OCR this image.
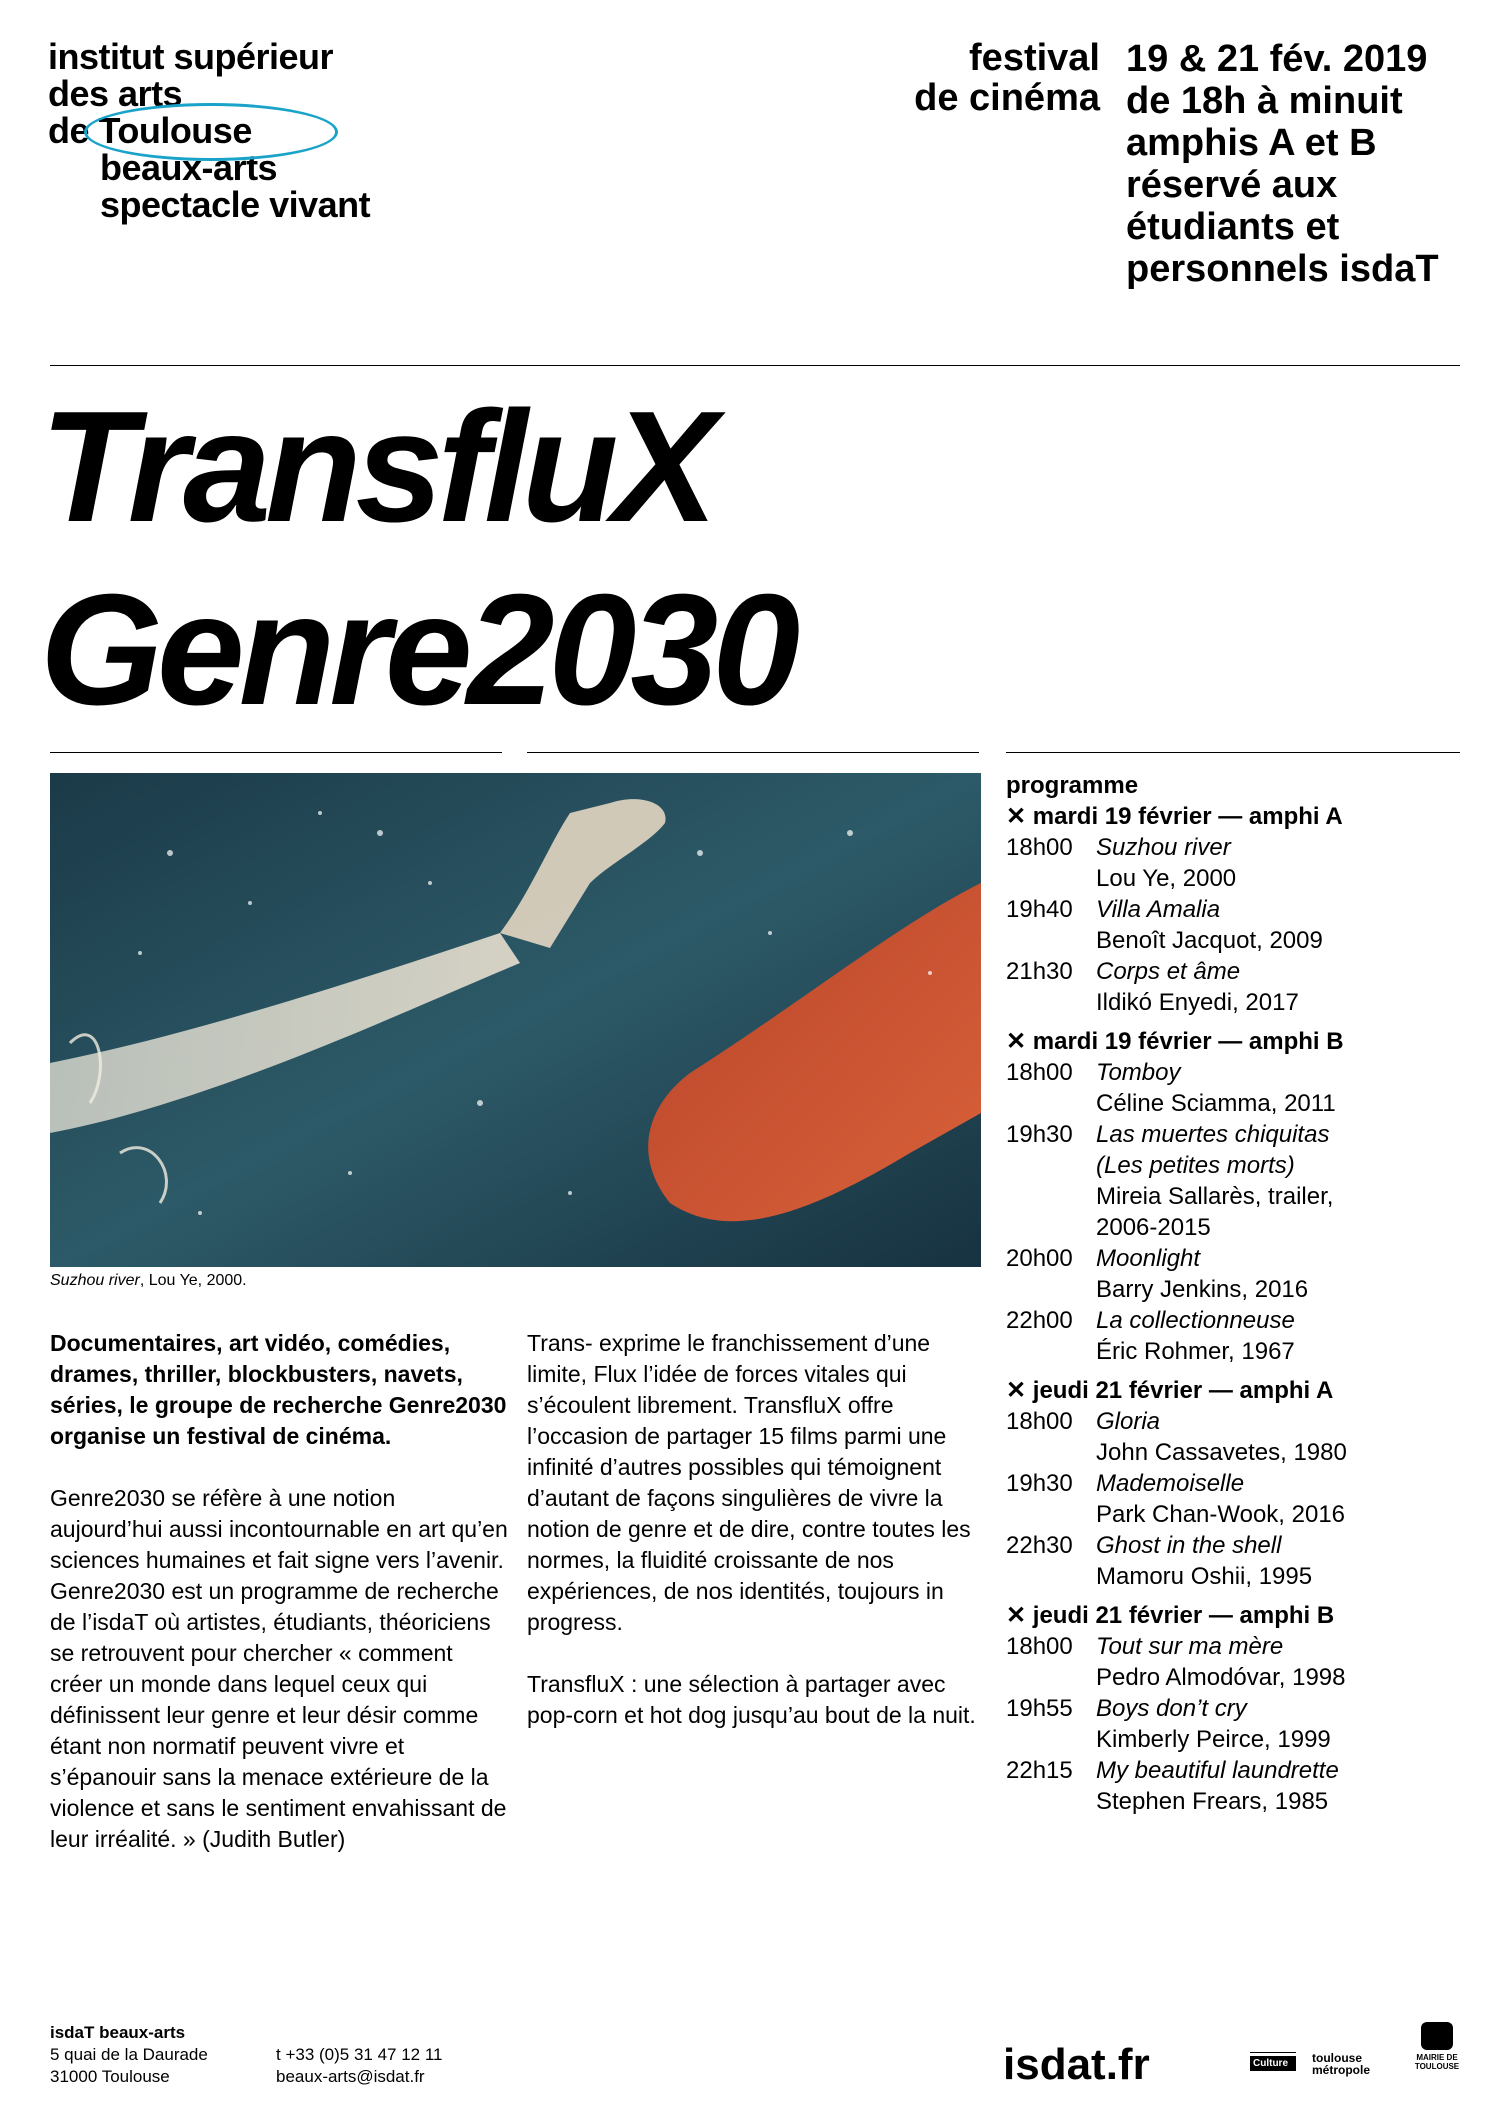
institut supérieur
des arts
de Toulouse
beaux-arts
spectacle vivant
festival
de cinéma
19 & 21 fév. 2019
de 18h à minuit
amphis A et B
réservé aux
étudiants et
personnels isdaT
TransfluX
Genre2030
Suzhou river, Lou Ye, 2000.
Documentaires, art vidéo, comédies, drames, thriller, blockbusters, navets, séries, le groupe de recherche Genre2030 organise un festival de cinéma.
Genre2030 se réfère à une notion aujourd’hui aussi incontournable en art qu’en sciences humaines et fait signe vers l’avenir. Genre2030 est un programme de recherche de l’isdaT où artistes, étudiants, théoriciens se retrouvent pour chercher « comment créer un monde dans lequel ceux qui définissent leur genre et leur désir comme étant non normatif peuvent vivre et s’épanouir sans la menace extérieure de la violence et sans le sentiment envahissant de leur irréalité. » (Judith Butler)
Trans- exprime le franchissement d’une limite, Flux l’idée de forces vitales qui s’écoulent librement. TransfluX offre l’occasion de partager 15 films parmi une infinité d’autres possibles qui témoignent d’autant de façons singulières de vivre la notion de genre et de dire, contre toutes les normes, la fluidité croissante de nos expériences, de nos identités, toujours in progress.
TransfluX : une sélection à partager avec pop-corn et hot dog jusqu’au bout de la nuit.
programme
✕ mardi 19 février — amphi A
18h00 Suzhou river
Lou Ye, 2000
19h40 Villa Amalia
Benoît Jacquot, 2009
21h30 Corps et âme
Ildikó Enyedi, 2017
✕ mardi 19 février — amphi B
18h00 Tomboy
Céline Sciamma, 2011
19h30 Las muertes chiquitas
(Les petites morts)
Mireia Sallarès, trailer,
2006-2015
20h00 Moonlight
Barry Jenkins, 2016
22h00 La collectionneuse
Éric Rohmer, 1967
✕ jeudi 21 février — amphi A
18h00 Gloria
John Cassavetes, 1980
19h30 Mademoiselle
Park Chan-Wook, 2016
22h30 Ghost in the shell
Mamoru Oshii, 1995
✕ jeudi 21 février — amphi B
18h00 Tout sur ma mère
Pedro Almodóvar, 1998
19h55 Boys don’t cry
Kimberly Peirce, 1999
22h15 My beautiful laundrette
Stephen Frears, 1985
isdaT beaux-arts
5 quai de la Daurade
31000 Toulouse
t +33 (0)5 31 47 12 11
beaux-arts@isdat.fr	isdat.fr	Culture	toulouse métropole
MAIRIE DE TOULOUSE
